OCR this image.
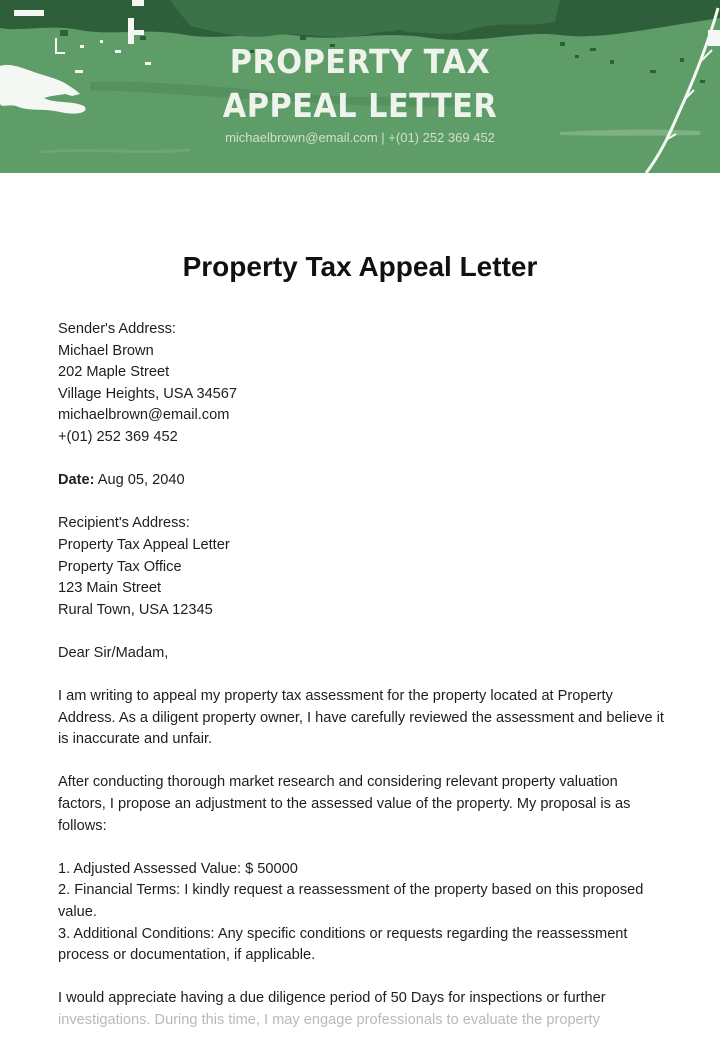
PROPERTY TAX
APPEAL LETTER
michaelbrown@email.com | +(01) 252 369 452
Property Tax Appeal Letter

Sender's Address:
Michael Brown
202 Maple Street
Village Heights, USA 34567
michaelbrown@email.com
+(01) 252 369 452

Date: Aug 05, 2040

Recipient's Address:
Property Tax Appeal Letter
Property Tax Office
123 Main Street
Rural Town, USA 12345

Dear Sir/Madam,

I am writing to appeal my property tax assessment for the property located at Property Address. As a diligent property owner, I have carefully reviewed the assessment and believe it is inaccurate and unfair.

After conducting thorough market research and considering relevant property valuation factors, I propose an adjustment to the assessed value of the property. My proposal is as follows:

1. Adjusted Assessed Value: $ 50000
2. Financial Terms: I kindly request a reassessment of the property based on this proposed value.
3. Additional Conditions: Any specific conditions or requests regarding the reassessment process or documentation, if applicable.

I would appreciate having a due diligence period of 50 Days for inspections or further
investigations. During this time, I may engage professionals to evaluate the property
